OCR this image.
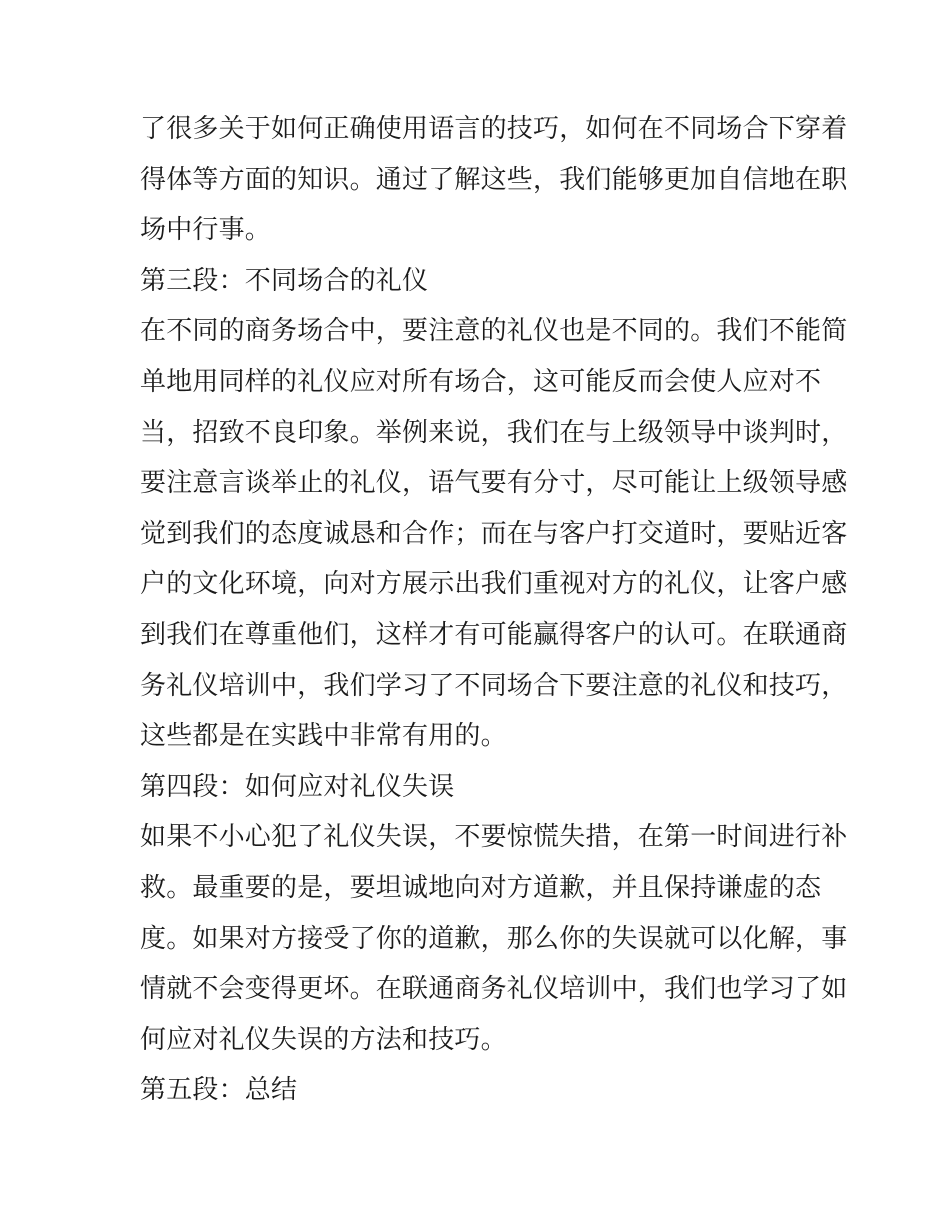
了很多关于如何正确使用语言的技巧，如何在不同场合下穿着
得体等方面的知识。通过了解这些，我们能够更加自信地在职
场中行事。
第三段：不同场合的礼仪
在不同的商务场合中，要注意的礼仪也是不同的。我们不能简
单地用同样的礼仪应对所有场合，这可能反而会使人应对不
当，招致不良印象。举例来说，我们在与上级领导中谈判时，
要注意言谈举止的礼仪，语气要有分寸，尽可能让上级领导感
觉到我们的态度诚恳和合作；而在与客户打交道时，要贴近客
户的文化环境，向对方展示出我们重视对方的礼仪，让客户感
到我们在尊重他们，这样才有可能赢得客户的认可。在联通商
务礼仪培训中，我们学习了不同场合下要注意的礼仪和技巧，
这些都是在实践中非常有用的。
第四段：如何应对礼仪失误
如果不小心犯了礼仪失误，不要惊慌失措，在第一时间进行补
救。最重要的是，要坦诚地向对方道歉，并且保持谦虚的态
度。如果对方接受了你的道歉，那么你的失误就可以化解，事
情就不会变得更坏。在联通商务礼仪培训中，我们也学习了如
何应对礼仪失误的方法和技巧。
第五段：总结
